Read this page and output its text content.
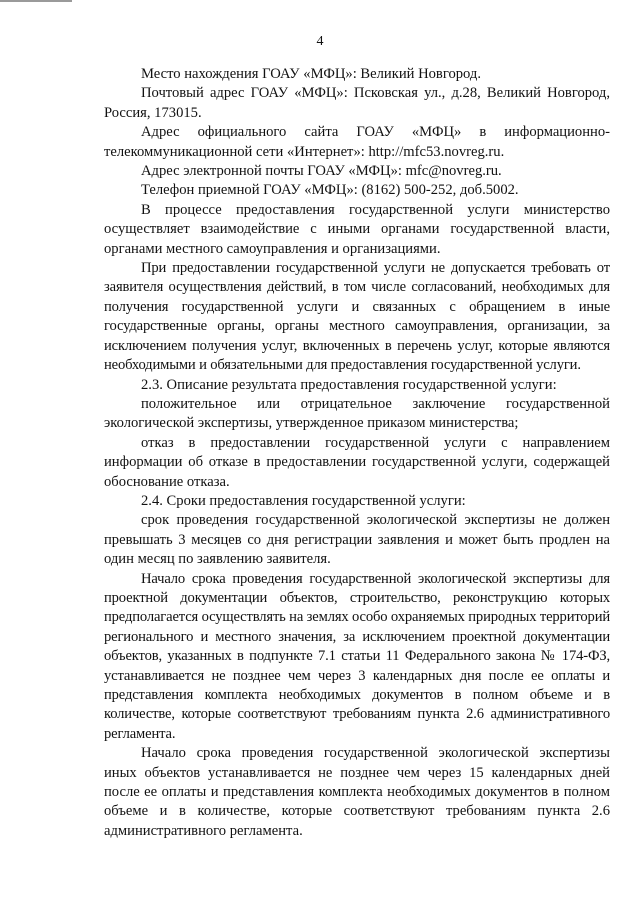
4

Место нахождения ГОАУ «МФЦ»: Великий Новгород.

Почтовый адрес ГОАУ «МФЦ»: Псковская ул., д.28, Великий Новгород, Россия, 173015.

Адрес официального сайта ГОАУ «МФЦ» в информационно-телекоммуникационной сети «Интернет»: http://mfc53.novreg.ru.

Адрес электронной почты ГОАУ «МФЦ»: mfc@novreg.ru.

Телефон приемной ГОАУ «МФЦ»: (8162) 500-252, доб.5002.

В процессе предоставления государственной услуги министерство осуществляет взаимодействие с иными органами государственной власти, органами местного самоуправления и организациями.

При предоставлении государственной услуги не допускается требовать от заявителя осуществления действий, в том числе согласований, необходимых для получения государственной услуги и связанных с обращением в иные государственные органы, органы местного самоуправления, организации, за исключением получения услуг, включенных в перечень услуг, которые являются необходимыми и обязательными для предоставления государственной услуги.

2.3. Описание результата предоставления государственной услуги:

положительное или отрицательное заключение государственной экологической экспертизы, утвержденное приказом министерства;

отказ в предоставлении государственной услуги с направлением информации об отказе в предоставлении государственной услуги, содержащей обоснование отказа.

2.4. Сроки предоставления государственной услуги:

срок проведения государственной экологической экспертизы не должен превышать 3 месяцев со дня регистрации заявления и может быть продлен на один месяц по заявлению заявителя.

Начало срока проведения государственной экологической экспертизы для проектной документации объектов, строительство, реконструкцию которых предполагается осуществлять на землях особо охраняемых природных территорий регионального и местного значения, за исключением проектной документации объектов, указанных в подпункте 7.1 статьи 11 Федерального закона № 174-ФЗ, устанавливается не позднее чем через 3 календарных дня после ее оплаты и представления комплекта необходимых документов в полном объеме и в количестве, которые соответствуют требованиям пункта 2.6 административного регламента.

Начало срока проведения государственной экологической экспертизы иных объектов устанавливается не позднее чем через 15 календарных дней после ее оплаты и представления комплекта необходимых документов в полном объеме и в количестве, которые соответствуют требованиям пункта 2.6 административного регламента.
